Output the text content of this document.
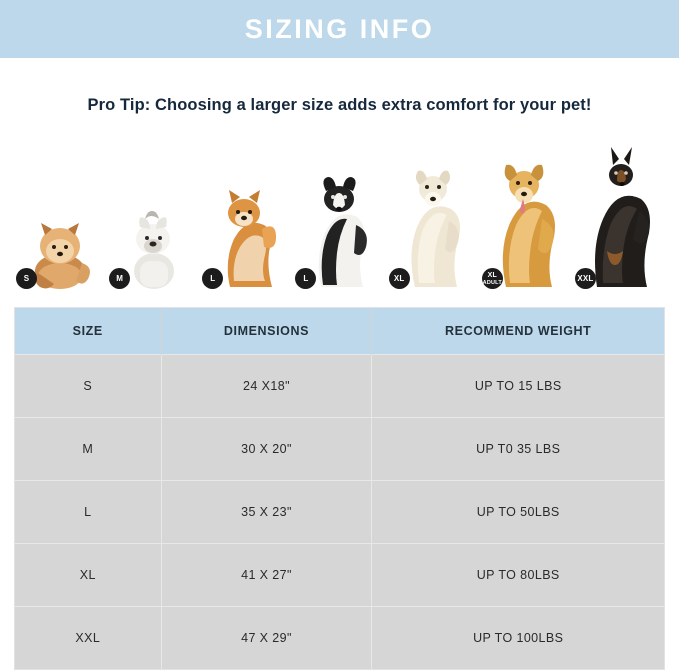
SIZING INFO
Pro Tip: Choosing a larger size adds extra comfort for your pet!
S	M	L	L	XL	XL
ADULT	XXL
SIZE	DIMENSIONS	RECOMMEND WEIGHT
S	24 X18"	UP TO 15 LBS
M	30 X 20"	UP T0 35 LBS
L	35 X 23"	UP TO 50LBS
XL	41 X 27"	UP TO 80LBS
XXL	47 X 29"	UP TO 100LBS
